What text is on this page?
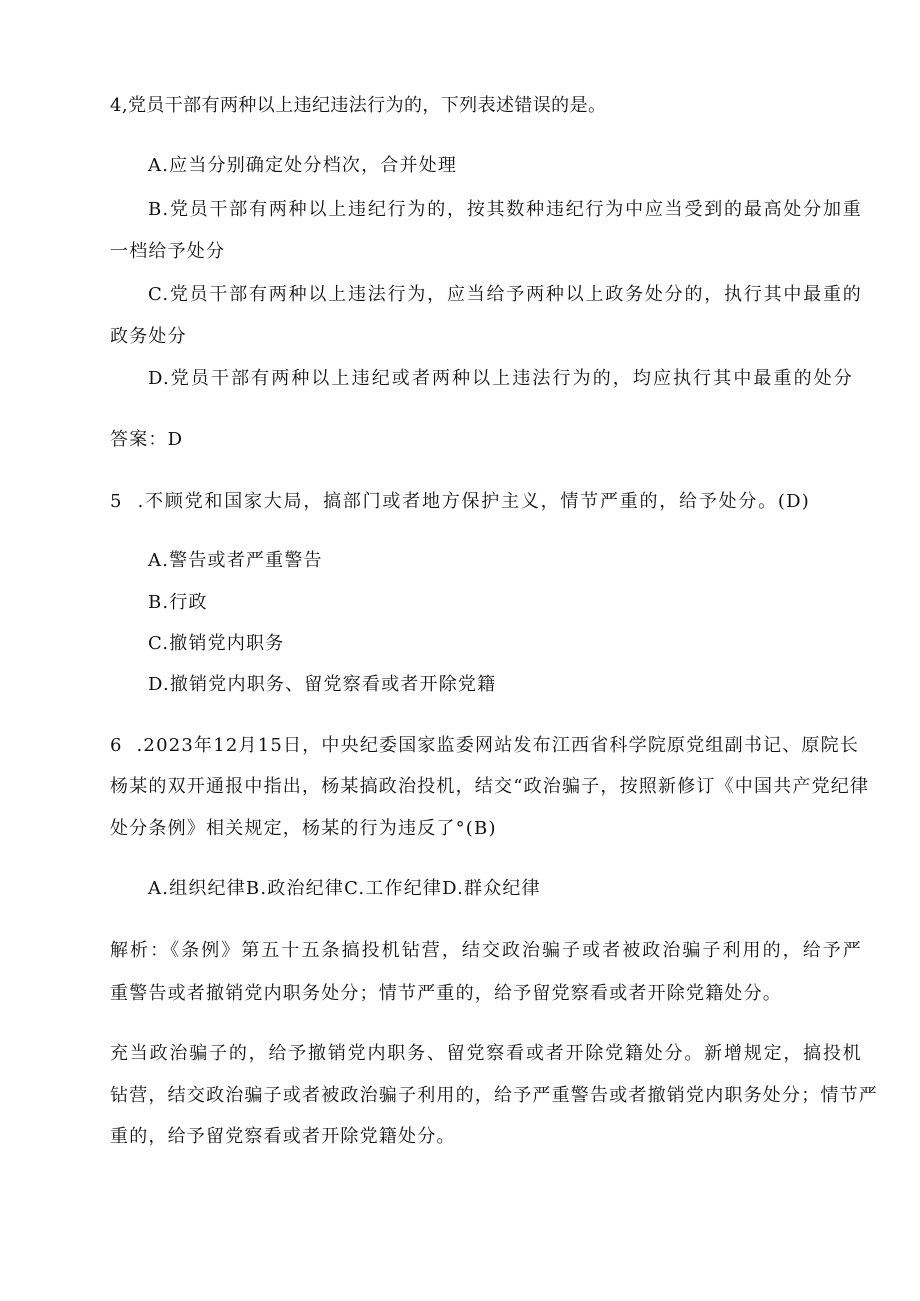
4,党员干部有两种以上违纪违法行为的，下列表述错误的是。
A.应当分别确定处分档次，合并处理
B.党员干部有两种以上违纪行为的，按其数种违纪行为中应当受到的最高处分加重
一档给予处分
C.党员干部有两种以上违法行为，应当给予两种以上政务处分的，执行其中最重的
政务处分
D.党员干部有两种以上违纪或者两种以上违法行为的，均应执行其中最重的处分
答案：D
5  .不顾党和国家大局，搞部门或者地方保护主义，情节严重的，给予处分。(D)
A.警告或者严重警告
B.行政
C.撤销党内职务
D.撤销党内职务、留党察看或者开除党籍
6  .2023年12月15日，中央纪委国家监委网站发布江西省科学院原党组副书记、原院长
杨某的双开通报中指出，杨某搞政治投机，结交“政治骗子，按照新修订《中国共产党纪律
处分条例》相关规定，杨某的行为违反了°(B)
A.组织纪律B.政治纪律C.工作纪律D.群众纪律
解析：《条例》第五十五条搞投机钻营，结交政治骗子或者被政治骗子利用的，给予严
重警告或者撤销党内职务处分；情节严重的，给予留党察看或者开除党籍处分。
充当政治骗子的，给予撤销党内职务、留党察看或者开除党籍处分。新增规定，搞投机
钻营，结交政治骗子或者被政治骗子利用的，给予严重警告或者撤销党内职务处分；情节严
重的，给予留党察看或者开除党籍处分。
